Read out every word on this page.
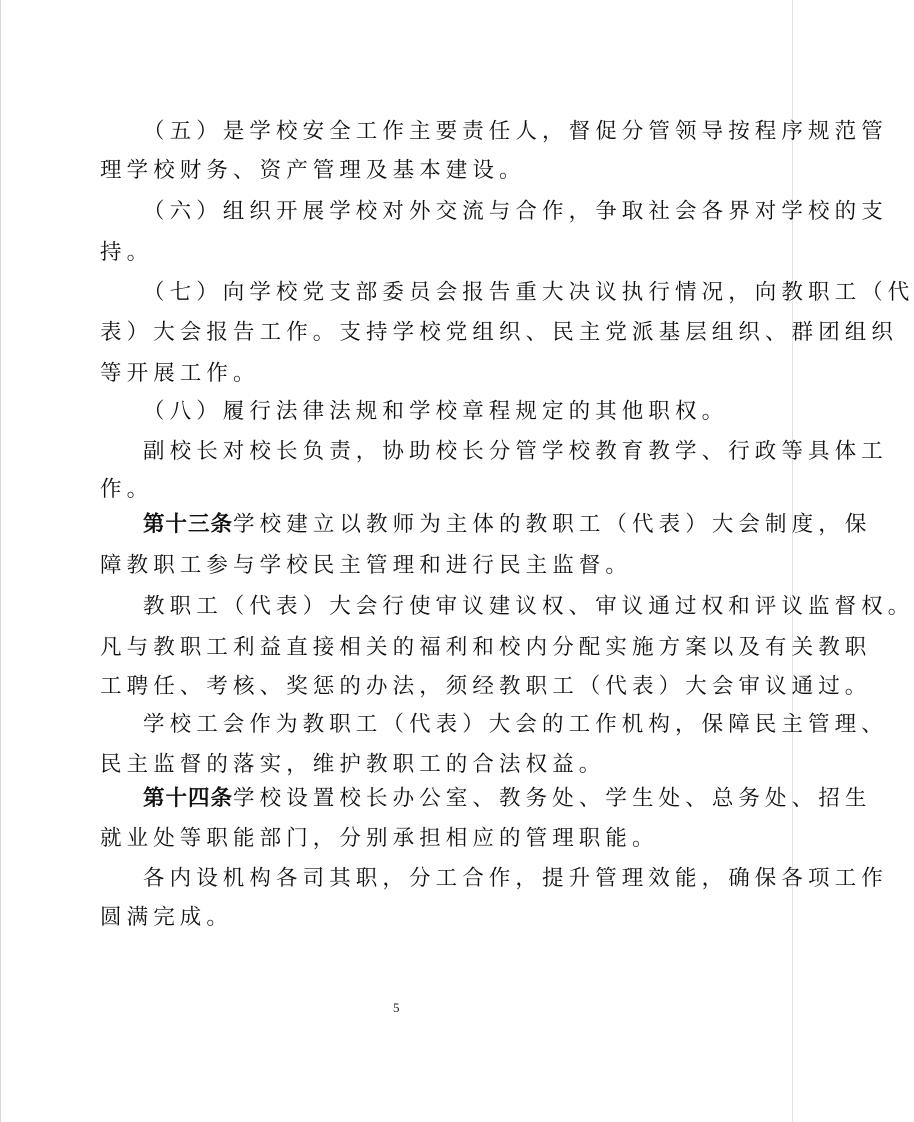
（五）是学校安全工作主要责任人，督促分管领导按程序规范管
理学校财务、资产管理及基本建设。
（六）组织开展学校对外交流与合作，争取社会各界对学校的支
持。
（七）向学校党支部委员会报告重大决议执行情况，向教职工（代
表）大会报告工作。支持学校党组织、民主党派基层组织、群团组织
等开展工作。
（八）履行法律法规和学校章程规定的其他职权。
副校长对校长负责，协助校长分管学校教育教学、行政等具体工
作。
第十三条学校建立以教师为主体的教职工（代表）大会制度，保
障教职工参与学校民主管理和进行民主监督。
教职工（代表）大会行使审议建议权、审议通过权和评议监督权。
凡与教职工利益直接相关的福利和校内分配实施方案以及有关教职
工聘任、考核、奖惩的办法，须经教职工（代表）大会审议通过。
学校工会作为教职工（代表）大会的工作机构，保障民主管理、
民主监督的落实，维护教职工的合法权益。
第十四条学校设置校长办公室、教务处、学生处、总务处、招生
就业处等职能部门，分别承担相应的管理职能。
各内设机构各司其职，分工合作，提升管理效能，确保各项工作
圆满完成。
5
